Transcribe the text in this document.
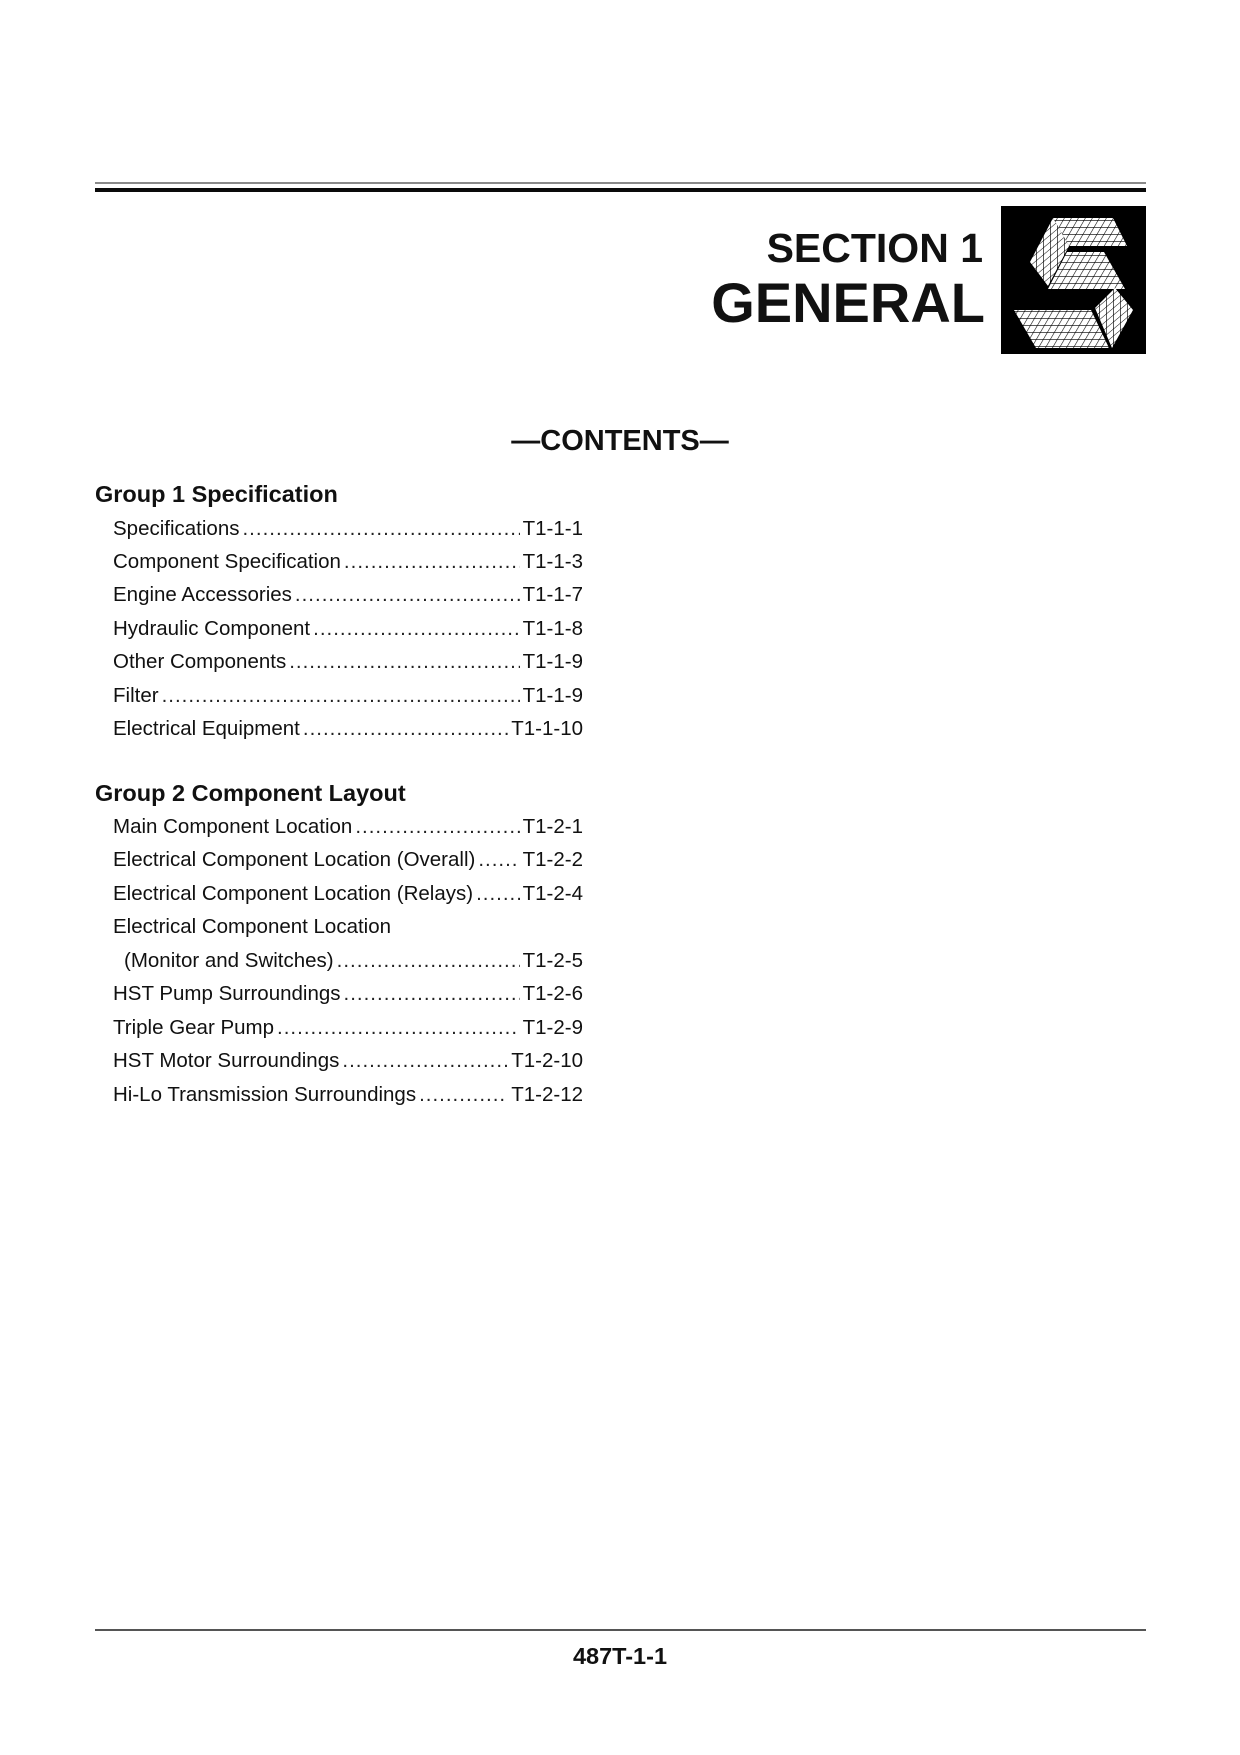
SECTION 1
GENERAL
—CONTENTS—
Group 1 Specification
Specifications .....	T1-1-1
Component Specification .....	T1-1-3
Engine Accessories .....	T1-1-7
Hydraulic Component .....	T1-1-8
Other Components .....	T1-1-9
Filter .....	T1-1-9
Electrical Equipment .....	T1-1-10
Group 2 Component Layout
Main Component Location .....	T1-2-1
Electrical Component Location (Overall) ..... T1-2-2
Electrical Component Location (Relays) ..... T1-2-4
Electrical Component Location
(Monitor and Switches) .....	T1-2-5
HST Pump Surroundings .....	T1-2-6
Triple Gear Pump .....	T1-2-9
HST Motor Surroundings .....	T1-2-10
Hi-Lo Transmission Surroundings .....	T1-2-12
487T-1-1
